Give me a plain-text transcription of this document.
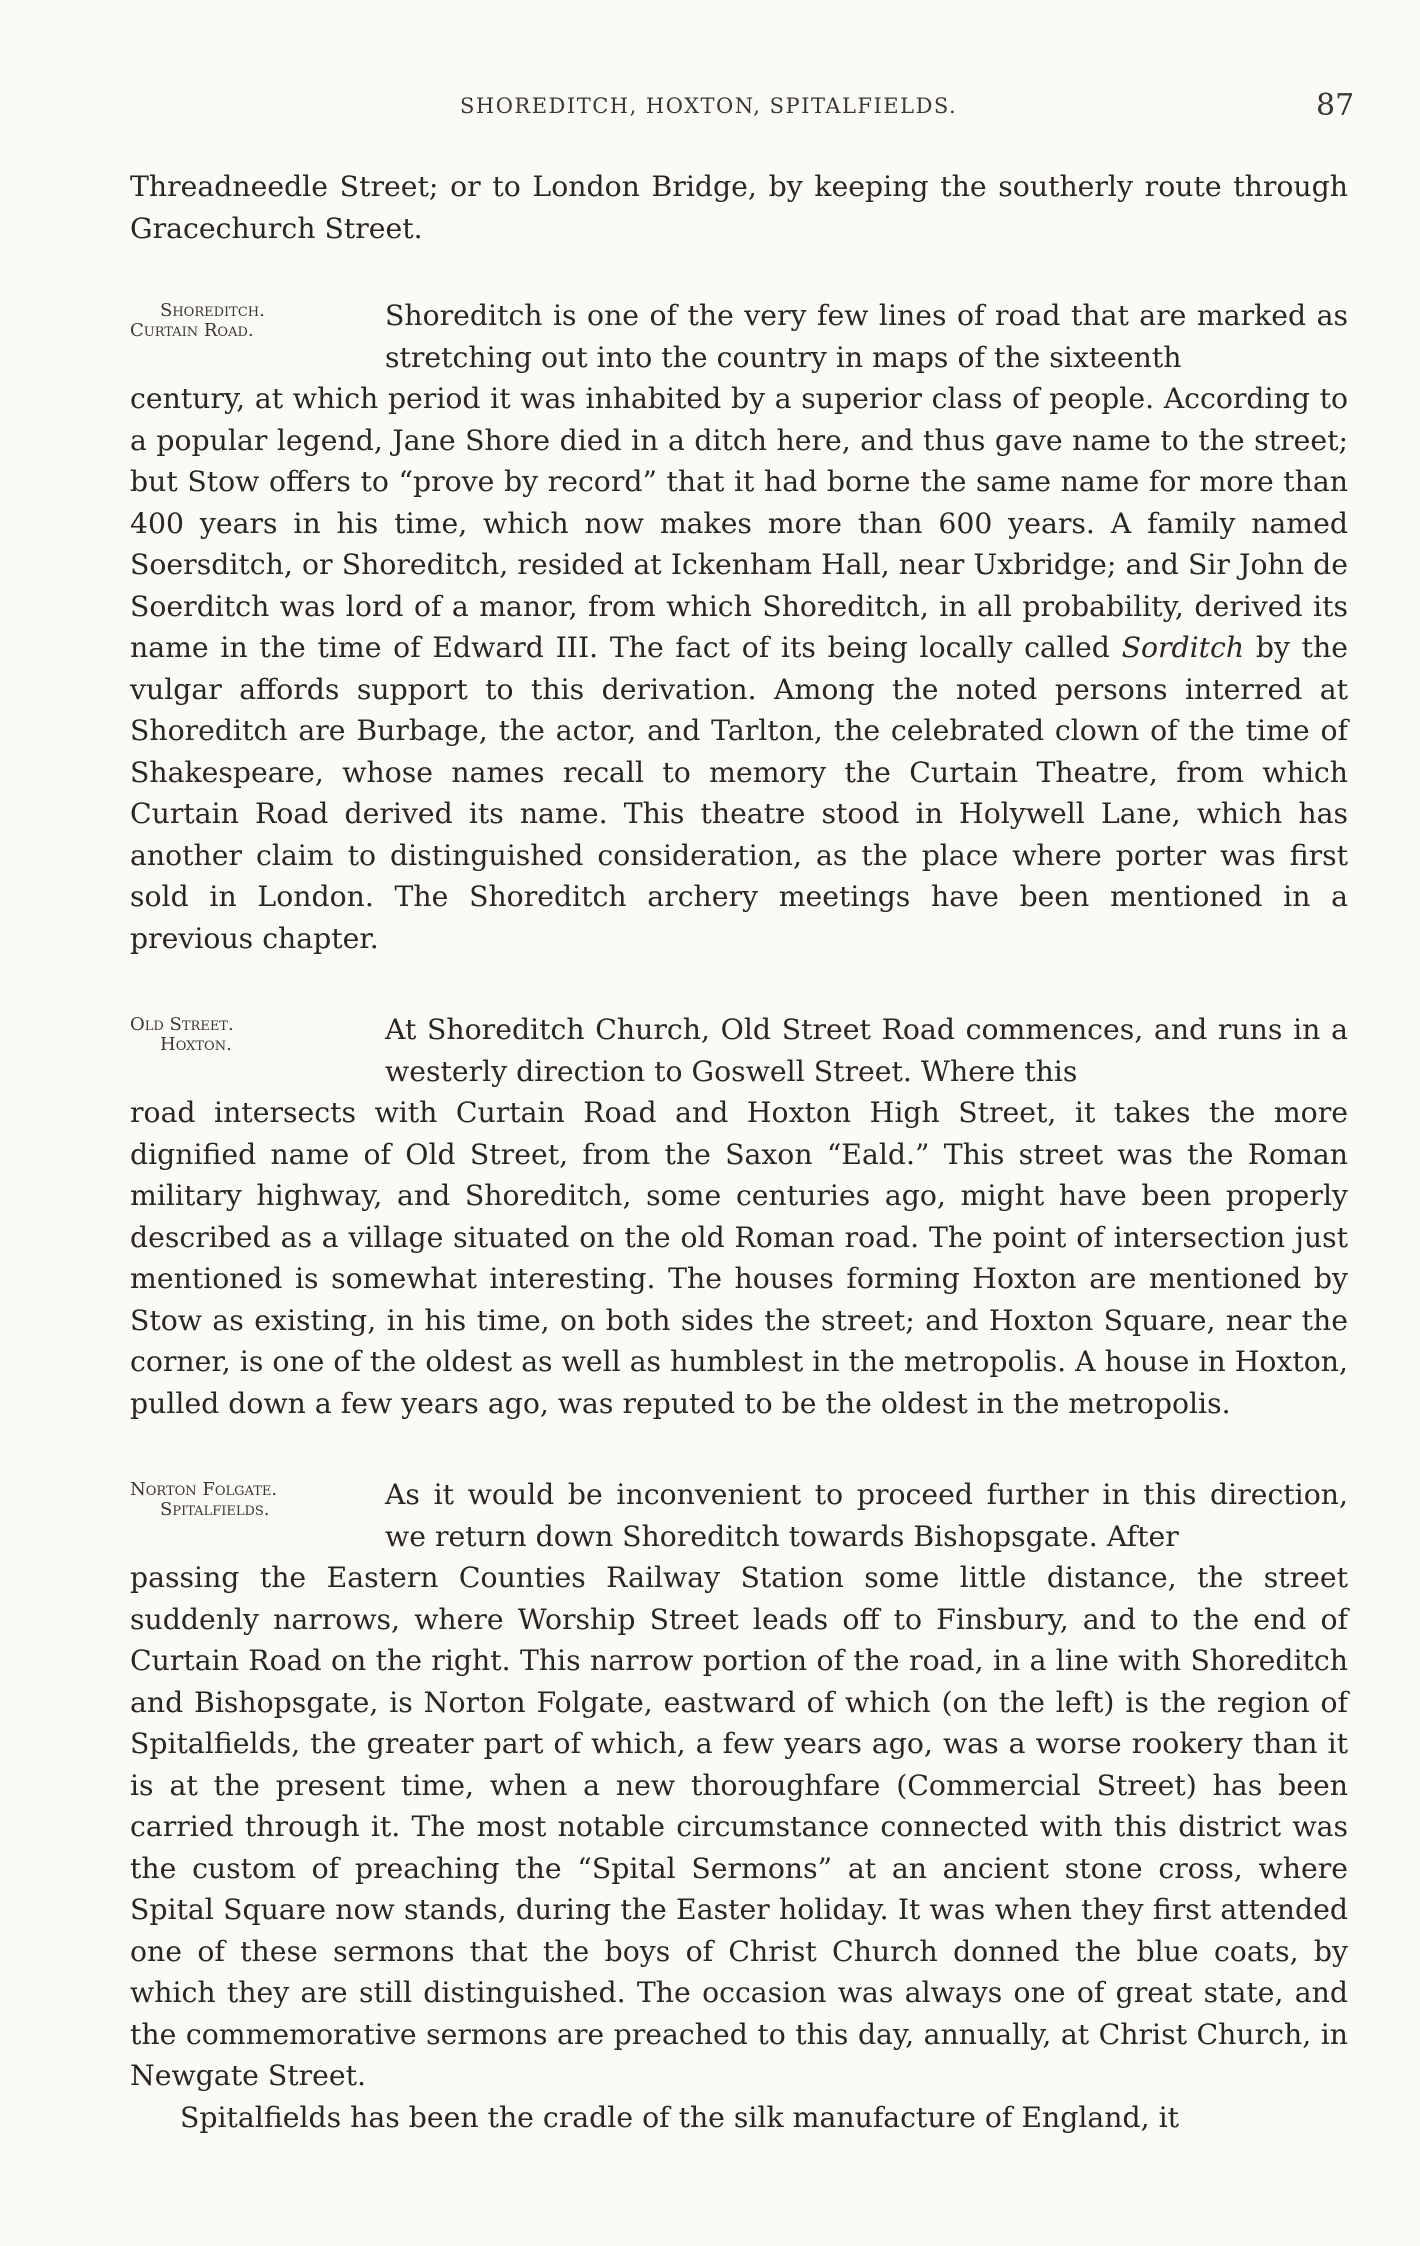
SHOREDITCH, HOXTON, SPITALFIELDS.	87

Threadneedle Street; or to London Bridge, by keeping the southerly route through Gracechurch Street.

Shoreditch.
Curtain Road.	Shoreditch is one of the very few lines of road that are marked as stretching out into the country in maps of the sixteenth

century, at which period it was inhabited by a superior class of people. According to a popular legend, Jane Shore died in a ditch here, and thus gave name to the street; but Stow offers to “prove by record” that it had borne the same name for more than 400 years in his time, which now makes more than 600 years. A family named Soersditch, or Shoreditch, resided at Ickenham Hall, near Uxbridge; and Sir John de Soerditch was lord of a manor, from which Shoreditch, in all probability, derived its name in the time of Edward III. The fact of its being locally called Sorditch by the vulgar affords support to this derivation. Among the noted persons interred at Shoreditch are Burbage, the actor, and Tarlton, the celebrated clown of the time of Shakespeare, whose names recall to memory the Curtain Theatre, from which Curtain Road derived its name. This theatre stood in Holywell Lane, which has another claim to distinguished consideration, as the place where porter was first sold in London. The Shoreditch archery meetings have been mentioned in a previous chapter.

Old Street.
Hoxton.	At Shoreditch Church, Old Street Road commences, and runs in a westerly direction to Goswell Street. Where this

road intersects with Curtain Road and Hoxton High Street, it takes the more dignified name of Old Street, from the Saxon “Eald.” This street was the Roman military highway, and Shoreditch, some centuries ago, might have been properly described as a village situated on the old Roman road. The point of intersection just mentioned is somewhat interesting. The houses forming Hoxton are mentioned by Stow as existing, in his time, on both sides the street; and Hoxton Square, near the corner, is one of the oldest as well as humblest in the metropolis. A house in Hoxton, pulled down a few years ago, was reputed to be the oldest in the metropolis.

Norton Folgate.
Spitalfields.	As it would be inconvenient to proceed further in this direction, we return down Shoreditch towards Bishopsgate. After

passing the Eastern Counties Railway Station some little distance, the street suddenly narrows, where Worship Street leads off to Finsbury, and to the end of Curtain Road on the right. This narrow portion of the road, in a line with Shoreditch and Bishopsgate, is Norton Folgate, eastward of which (on the left) is the region of Spitalfields, the greater part of which, a few years ago, was a worse rookery than it is at the present time, when a new thoroughfare (Commercial Street) has been carried through it. The most notable circumstance connected with this district was the custom of preaching the “Spital Sermons” at an ancient stone cross, where Spital Square now stands, during the Easter holiday. It was when they first attended one of these sermons that the boys of Christ Church donned the blue coats, by which they are still distinguished. The occasion was always one of great state, and the commemorative sermons are preached to this day, annually, at Christ Church, in Newgate Street.

Spitalfields has been the cradle of the silk manufacture of England, it
